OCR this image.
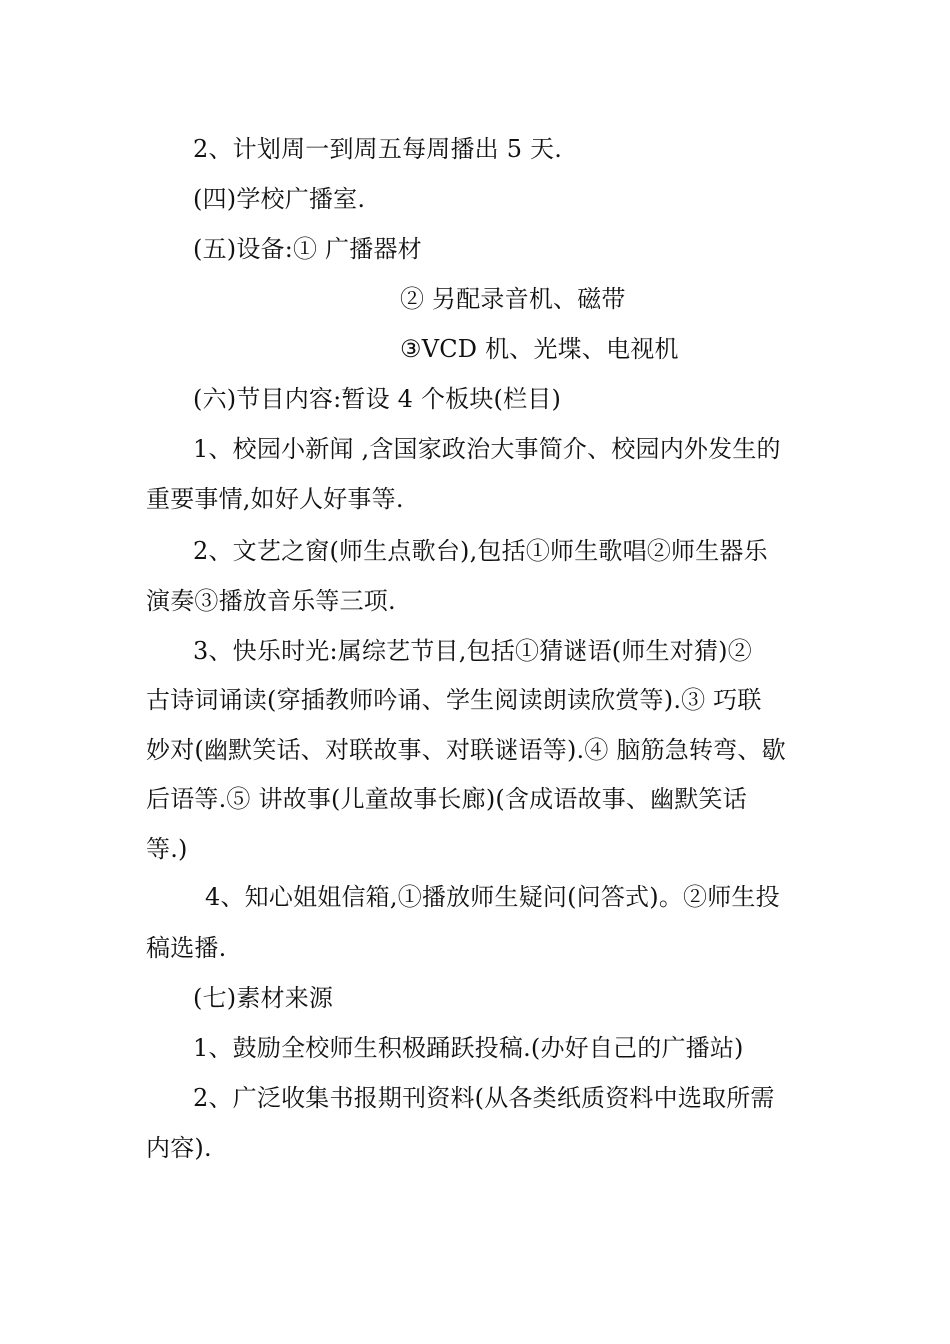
2、计划周一到周五每周播出 5 天.
(四)学校广播室.
(五)设备:① 广播器材
② 另配录音机、磁带
③VCD 机、光堞、电视机
(六)节目内容:暂设 4 个板块(栏目)
1、校园小新闻 ,含国家政治大事简介、校园内外发生的
重要事情,如好人好事等.
2、文艺之窗(师生点歌台),包括①师生歌唱②师生器乐
演奏③播放音乐等三项.
3、快乐时光:属综艺节目,包括①猜谜语(师生对猜)②
古诗词诵读(穿插教师吟诵、学生阅读朗读欣赏等).③ 巧联
妙对(幽默笑话、对联故事、对联谜语等).④ 脑筋急转弯、歇
后语等.⑤ 讲故事(儿童故事长廊)(含成语故事、幽默笑话
等.)
4、知心姐姐信箱,①播放师生疑问(问答式)。②师生投
稿选播.
(七)素材来源
1、鼓励全校师生积极踊跃投稿.(办好自己的广播站)
2、广泛收集书报期刊资料(从各类纸质资料中选取所需
内容).
